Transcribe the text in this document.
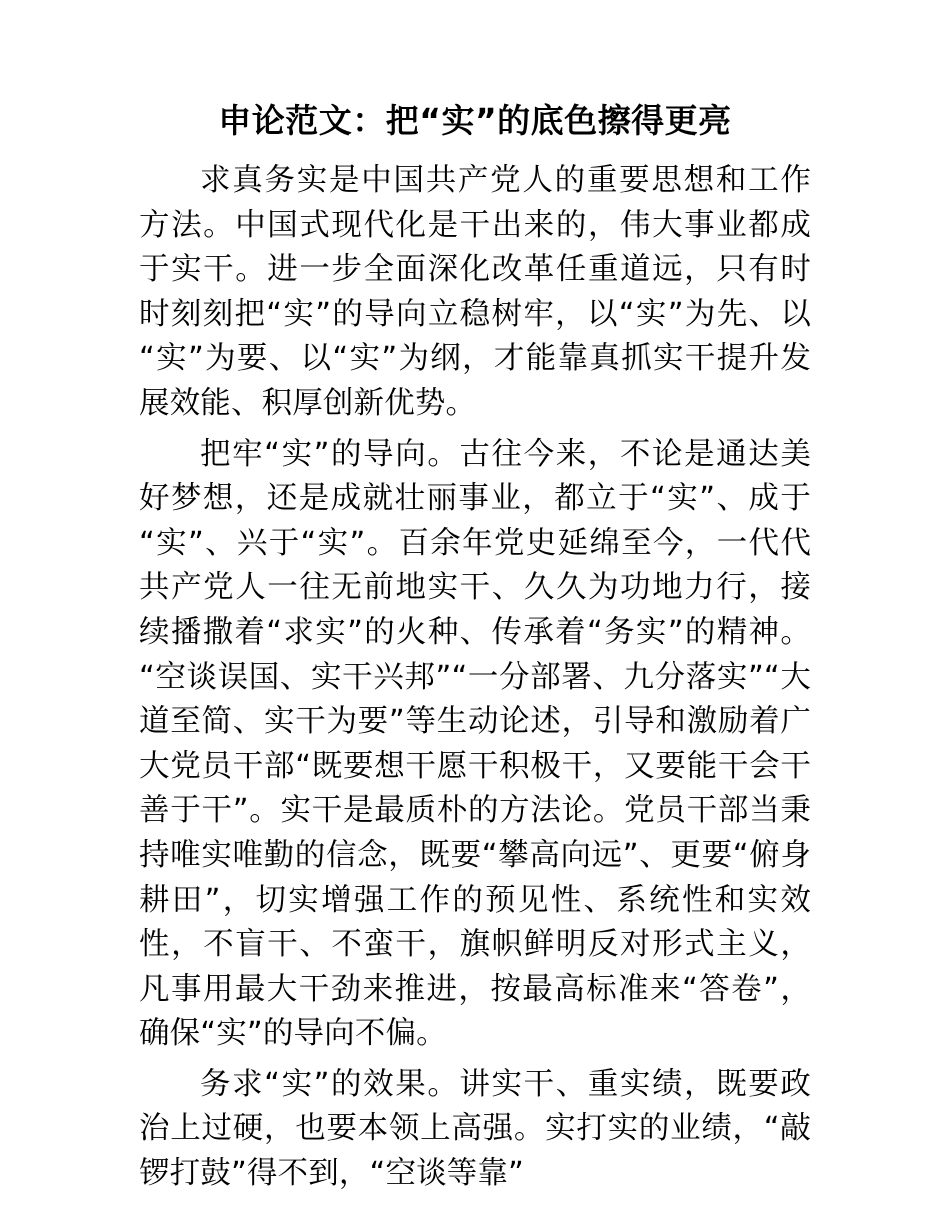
申论范文：把“实”的底色擦得更亮

求真务实是中国共产党人的重要思想和工作方法。中国式现代化是干出来的，伟大事业都成于实干。进一步全面深化改革任重道远，只有时时刻刻把“实”的导向立稳树牢，以“实”为先、以“实”为要、以“实”为纲，才能靠真抓实干提升发展效能、积厚创新优势。

把牢“实”的导向。古往今来，不论是通达美好梦想，还是成就壮丽事业，都立于“实”、成于“实”、兴于“实”。百余年党史延绵至今，一代代共产党人一往无前地实干、久久为功地力行，接续播撒着“求实”的火种、传承着“务实”的精神。“空谈误国、实干兴邦”“一分部署、九分落实”“大道至简、实干为要”等生动论述，引导和激励着广大党员干部“既要想干愿干积极干，又要能干会干善于干”。实干是最质朴的方法论。党员干部当秉持唯实唯勤的信念，既要“攀高向远”、更要“俯身耕田”，切实增强工作的预见性、系统性和实效性，不盲干、不蛮干，旗帜鲜明反对形式主义，凡事用最大干劲来推进，按最高标准来“答卷”，确保“实”的导向不偏。

务求“实”的效果。讲实干、重实绩，既要政治上过硬，也要本领上高强。实打实的业绩，“敲锣打鼓”得不到，“空谈等靠”
